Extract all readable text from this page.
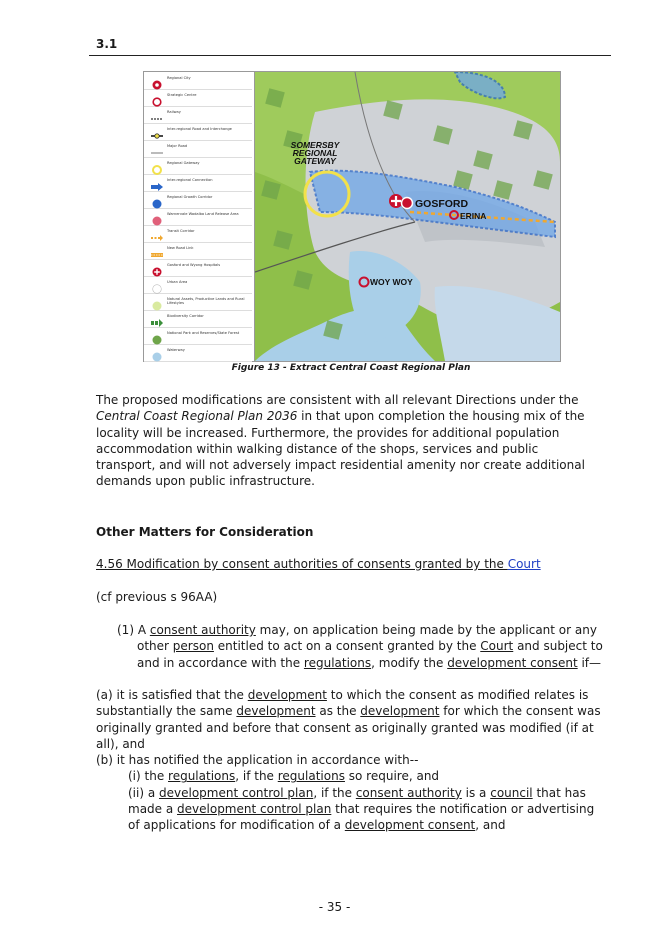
3.1
Regional City
Strategic Centre
Railway
Inter-regional Road and Interchange
Major Road
Regional Gateway
Inter-regional Connection
Regional Growth Corridor
Warnervale Wadalba Land Release Area
Transit Corridor
New Road Link
Gosford and Wyong Hospitals
Urban Area
Natural Assets, Productive Lands and Rural Lifestyles
Biodiversity Corridor
National Park and Reserves/State Forest
Waterway
SOMERSBY
REGIONAL
GATEWAY
GOSFORD
ERINA
WOY WOY
Figure 13 - Extract Central Coast Regional Plan
The proposed modifications are consistent with all relevant Directions under the Central Coast Regional Plan 2036 in that upon completion the housing mix of the locality will be increased. Furthermore, the provides for additional population accommodation within walking distance of the shops, services and public transport, and will not adversely impact residential amenity nor create additional demands upon public infrastructure.
Other Matters for Consideration
4.56 Modification by consent authorities of consents granted by the Court
(cf previous s 96AA)
(1) A consent authority may, on application being made by the applicant or any other person entitled to act on a consent granted by the Court and subject to and in accordance with the regulations, modify the development consent if—
(a) it is satisfied that the development to which the consent as modified relates is substantially the same development as the development for which the consent was originally granted and before that consent as originally granted was modified (if at all), and
(b) it has notified the application in accordance with--
(i) the regulations, if the regulations so require, and
(ii) a development control plan, if the consent authority is a council that has made a development control plan that requires the notification or advertising of applications for modification of a development consent, and
- 35 -
